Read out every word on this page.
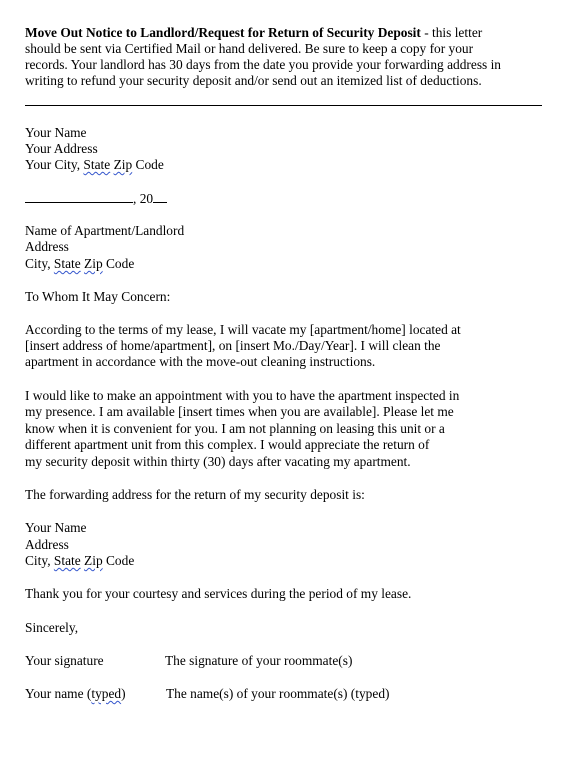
Move Out Notice to Landlord/Request for Return of Security Deposit - this letter
should be sent via Certified Mail or hand delivered. Be sure to keep a copy for your
records. Your landlord has 30 days from the date you provide your forwarding address in
writing to refund your security deposit and/or send out an itemized list of deductions.
Your Name
Your Address
Your City, State Zip Code
, 20
Name of Apartment/Landlord
Address
City, State Zip Code
To Whom It May Concern:
According to the terms of my lease, I will vacate my [apartment/home] located at
[insert address of home/apartment], on [insert Mo./Day/Year]. I will clean the
apartment in accordance with the move-out cleaning instructions.
I would like to make an appointment with you to have the apartment inspected in
my presence. I am available [insert times when you are available]. Please let me
know when it is convenient for you. I am not planning on leasing this unit or a
different apartment unit from this complex. I would appreciate the return of
my security deposit within thirty (30) days after vacating my apartment.
The forwarding address for the return of my security deposit is:
Your Name
Address
City, State Zip Code
Thank you for your courtesy and services during the period of my lease.
Sincerely,
Your signature	The signature of your roommate(s)
Your name (typed)	The name(s) of your roommate(s) (typed)
